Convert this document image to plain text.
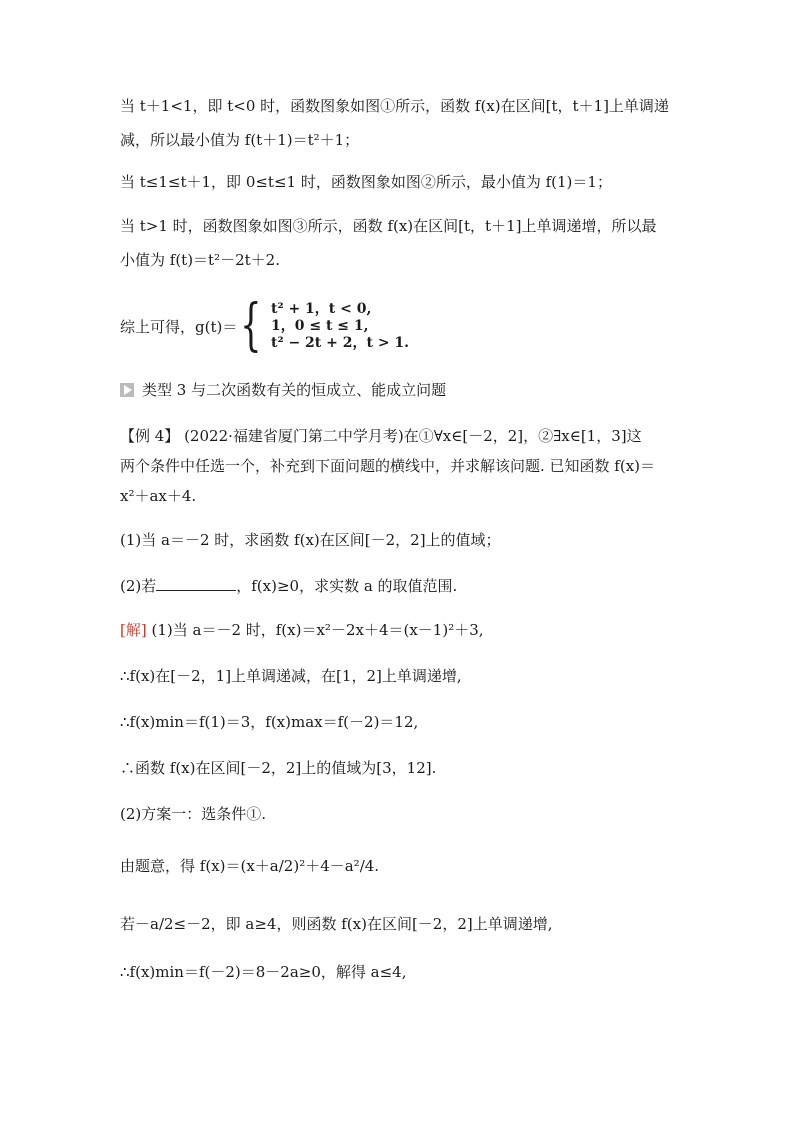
当 t＋1<1，即 t<0 时，函数图象如图①所示，函数 f(x)在区间[t，t＋1]上单调递
减，所以最小值为 f(t＋1)＝t²＋1；
当 t≤1≤t＋1，即 0≤t≤1 时，函数图象如图②所示，最小值为 f(1)＝1；
当 t>1 时，函数图象如图③所示，函数 f(x)在区间[t，t＋1]上单调递增，所以最
小值为 f(t)＝t²－2t＋2.
综上可得，g(t)＝ { t² + 1，t < 0,
1，0 ≤ t ≤ 1,
t² − 2t + 2，t > 1.
类型 3 与二次函数有关的恒成立、能成立问题
【例 4】 (2022·福建省厦门第二中学月考)在①∀x∈[－2，2]，②∃x∈[1，3]这
两个条件中任选一个，补充到下面问题的横线中，并求解该问题. 已知函数 f(x)＝
x²＋ax＋4.
(1)当 a＝－2 时，求函数 f(x)在区间[－2，2]上的值域；
(2)若	，f(x)≥0，求实数 a 的取值范围.
[解] (1)当 a＝－2 时，f(x)＝x²－2x＋4＝(x－1)²＋3,
∴f(x)在[－2，1]上单调递减，在[1，2]上单调递增,
∴f(x)min＝f(1)＝3，f(x)max＝f(－2)＝12,
∴函数 f(x)在区间[－2，2]上的值域为[3，12].
(2)方案一：选条件①.
由题意，得 f(x)＝(x＋a/2)²＋4－a²/4.
若－a/2≤－2，即 a≥4，则函数 f(x)在区间[－2，2]上单调递增,
∴f(x)min＝f(－2)＝8－2a≥0，解得 a≤4,
